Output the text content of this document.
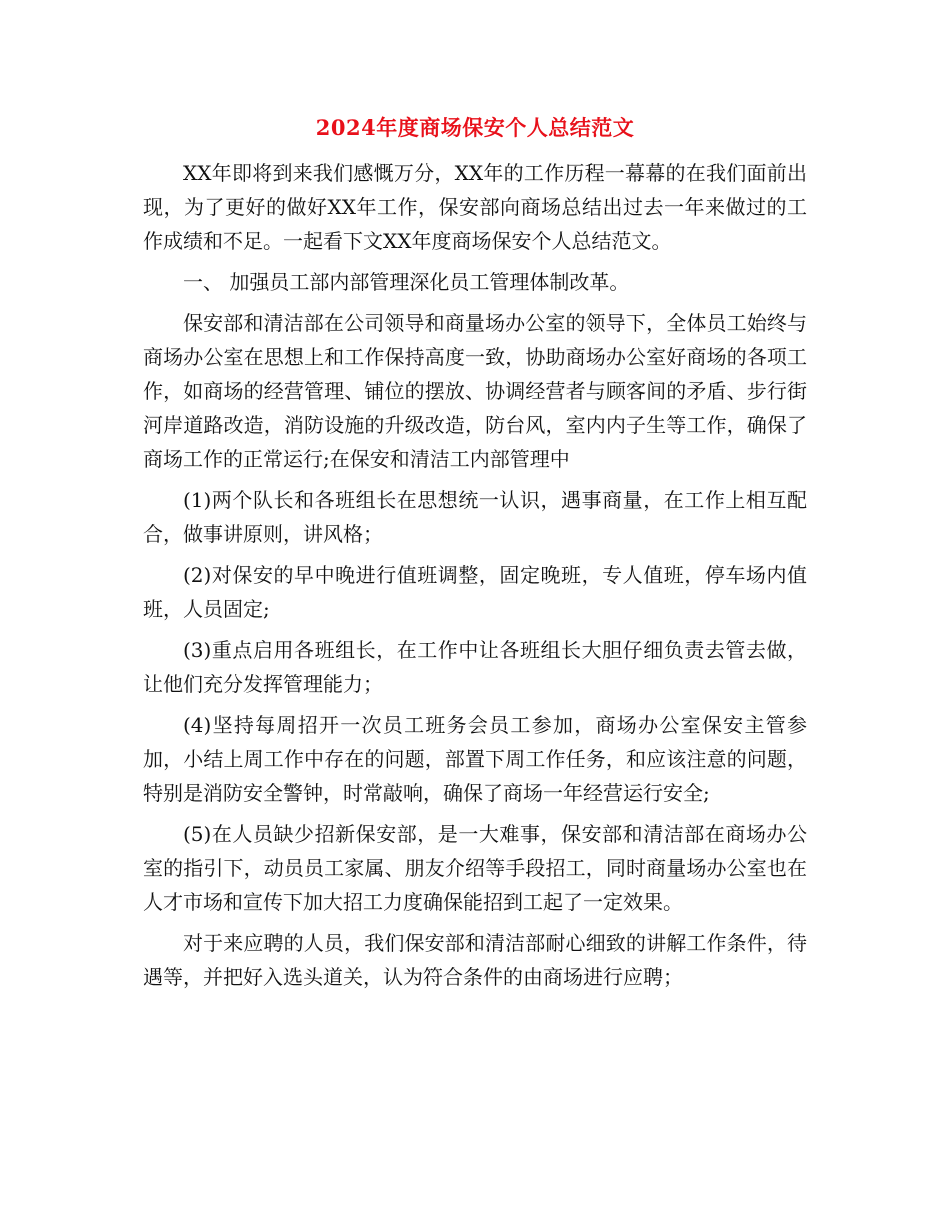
2024年度商场保安个人总结范文

XX年即将到来我们感慨万分，XX年的工作历程一幕幕的在我们面前出现，为了更好的做好XX年工作，保安部向商场总结出过去一年来做过的工作成绩和不足。一起看下文XX年度商场保安个人总结范文。

一、 加强员工部内部管理深化员工管理体制改革。

保安部和清洁部在公司领导和商量场办公室的领导下，全体员工始终与商场办公室在思想上和工作保持高度一致，协助商场办公室好商场的各项工作，如商场的经营管理、铺位的摆放、协调经营者与顾客间的矛盾、步行街河岸道路改造，消防设施的升级改造，防台风，室内内子生等工作，确保了商场工作的正常运行;在保安和清洁工内部管理中

(1)两个队长和各班组长在思想统一认识，遇事商量，在工作上相互配合，做事讲原则，讲风格；

(2)对保安的早中晚进行值班调整，固定晚班，专人值班，停车场内值班，人员固定;

(3)重点启用各班组长，在工作中让各班组长大胆仔细负责去管去做，让他们充分发挥管理能力；

(4)坚持每周招开一次员工班务会员工参加，商场办公室保安主管参加，小结上周工作中存在的问题，部置下周工作任务，和应该注意的问题，特别是消防安全警钟，时常敲响，确保了商场一年经营运行安全;

(5)在人员缺少招新保安部，是一大难事，保安部和清洁部在商场办公室的指引下，动员员工家属、朋友介绍等手段招工，同时商量场办公室也在人才市场和宣传下加大招工力度确保能招到工起了一定效果。

对于来应聘的人员，我们保安部和清洁部耐心细致的讲解工作条件，待遇等，并把好入选头道关，认为符合条件的由商场进行应聘；
